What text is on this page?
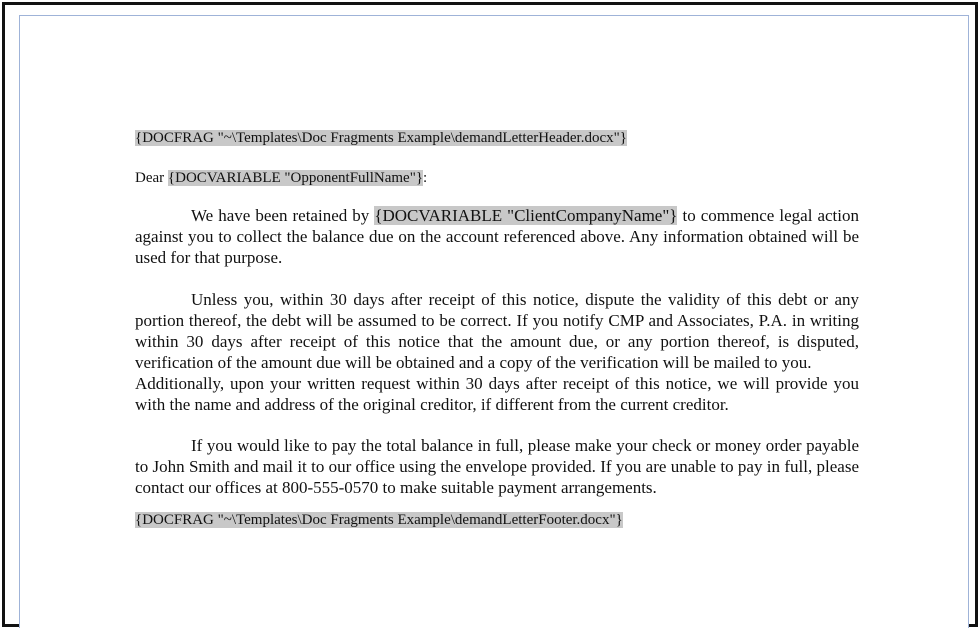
{DOCFRAG "~\Templates\Doc Fragments Example\demandLetterHeader.docx"}

Dear {DOCVARIABLE "OpponentFullName"}:

We have been retained by {DOCVARIABLE "ClientCompanyName"} to commence legal action against you to collect the balance due on the account referenced above. Any information obtained will be used for that purpose.

Unless you, within 30 days after receipt of this notice, dispute the validity of this debt or any portion thereof, the debt will be assumed to be correct. If you notify CMP and Associates, P.A. in writing within 30 days after receipt of this notice that the amount due, or any portion thereof, is disputed, verification of the amount due will be obtained and a copy of the verification will be mailed to you.

Additionally, upon your written request within 30 days after receipt of this notice, we will provide you with the name and address of the original creditor, if different from the current creditor.

If you would like to pay the total balance in full, please make your check or money order payable to John Smith and mail it to our office using the envelope provided. If you are unable to pay in full, please contact our offices at 800-555-0570 to make suitable payment arrangements.

{DOCFRAG "~\Templates\Doc Fragments Example\demandLetterFooter.docx"}
